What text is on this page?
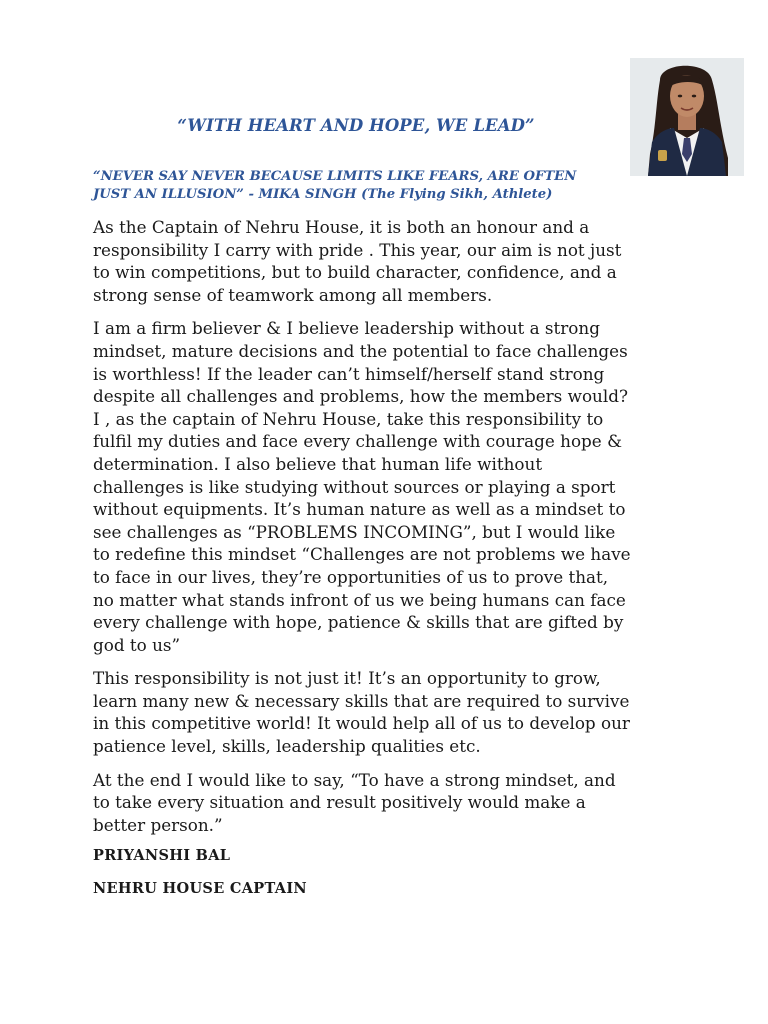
“WITH HEART AND HOPE, WE LEAD”

“NEVER SAY NEVER BECAUSE LIMITS LIKE FEARS, ARE OFTEN
JUST AN ILLUSION” - MIKA SINGH (The Flying Sikh, Athlete)

As the Captain of Nehru House, it is both an honour and a
responsibility I carry with pride . This year, our aim is not just
to win competitions, but to build character, confidence, and a
strong sense of teamwork among all members.

I am a firm believer & I believe leadership without a strong
mindset, mature decisions and the potential to face challenges
is worthless! If the leader can’t himself/herself stand strong
despite all challenges and problems, how the members would?
I , as the captain of Nehru House, take this responsibility to
fulfil my duties and face every challenge with courage hope &
determination. I also believe that human life without
challenges is like studying without sources or playing a sport
without equipments. It’s human nature as well as a mindset to
see challenges as “PROBLEMS INCOMING”, but I would like
to redefine this mindset “Challenges are not problems we have
to face in our lives, they’re opportunities of us to prove that,
no matter what stands infront of us we being humans can face
every challenge with hope, patience & skills that are gifted by
god to us”

This responsibility is not just it! It’s an opportunity to grow,
learn many new & necessary skills that are required to survive
in this competitive world! It would help all of us to develop our
patience level, skills, leadership qualities etc.

At the end I would like to say, “To have a strong mindset, and
to take every situation and result positively would make a
better person.”

PRIYANSHI BAL

NEHRU HOUSE CAPTAIN
